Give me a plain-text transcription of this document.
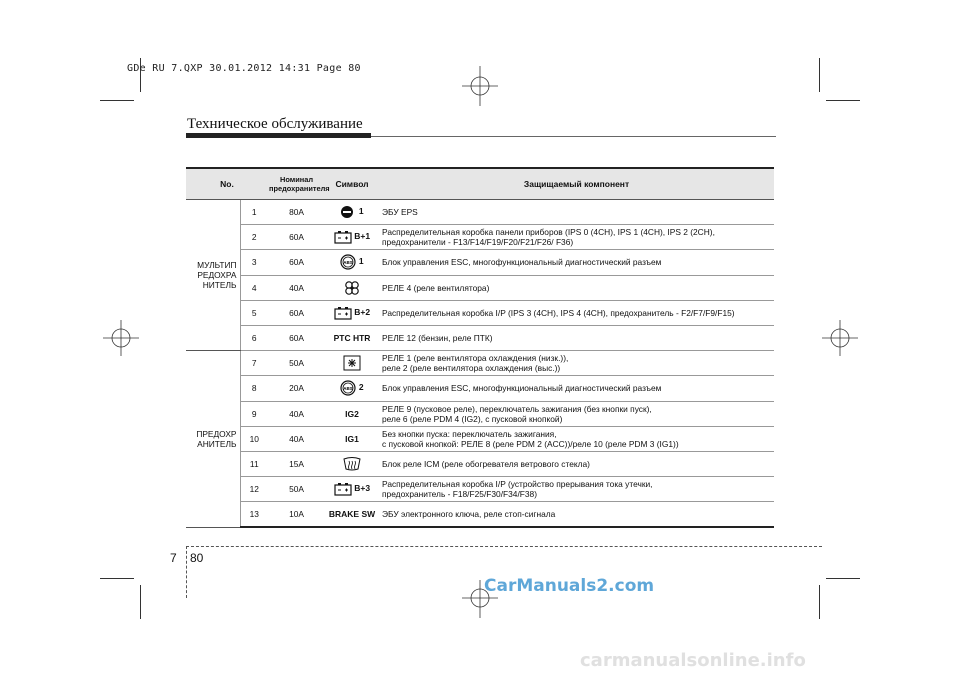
GDe RU 7.QXP 30.01.2012 14:31 Page 80
Техническое обслуживание
No.		Номинал
предохранителя	Символ	Защищаемый компонент
МУЛЬТИП
РЕДОХРА
НИТЕЛЬ	1	80A	1	ЭБУ EPS
	2	60A	B+1	Распределительная коробка панели приборов (IPS 0 (4CH), IPS 1 (4CH), IPS 2 (2CH),
предохранители - F13/F14/F19/F20/F21/F26/ F36)
	3	60A	ABS 1	Блок управления ESC, многофункциональный диагностический разъем
	4	40A		РЕЛЕ 4 (реле вентилятора)
	5	60A	B+2	Распределительная коробка I/P (IPS 3 (4CH), IPS 4 (4CH), предохранитель - F2/F7/F9/F15)
	6	60A	PTC HTR	РЕЛЕ 12 (бензин, реле ПТК)
ПРЕДОХР
АНИТЕЛЬ	7	50A		РЕЛЕ 1 (реле вентилятора охлаждения (низк.)),
реле 2 (реле вентилятора охлаждения (выс.))
	8	20A	ABS 2	Блок управления ESC, многофункциональный диагностический разъем
	9	40A	IG2	РЕЛЕ 9 (пусковое реле), переключатель зажигания (без кнопки пуск),
реле 6 (реле PDM 4 (IG2), с пусковой кнопкой)
	10	40A	IG1	Без кнопки пуска: переключатель зажигания,
с пусковой кнопкой: РЕЛЕ 8 (реле PDM 2 (ACC))/реле 10 (реле PDM 3 (IG1))
	11	15A		Блок реле ICM (реле обогревателя ветрового стекла)
	12	50A	B+3	Распределительная коробка I/P (устройство прерывания тока утечки,
предохранитель - F18/F25/F30/F34/F38)
	13	10A	BRAKE SW	ЭБУ электронного ключа, реле стоп-сигнала
7 80
CarManuals2.com
carmanualsonline.info
